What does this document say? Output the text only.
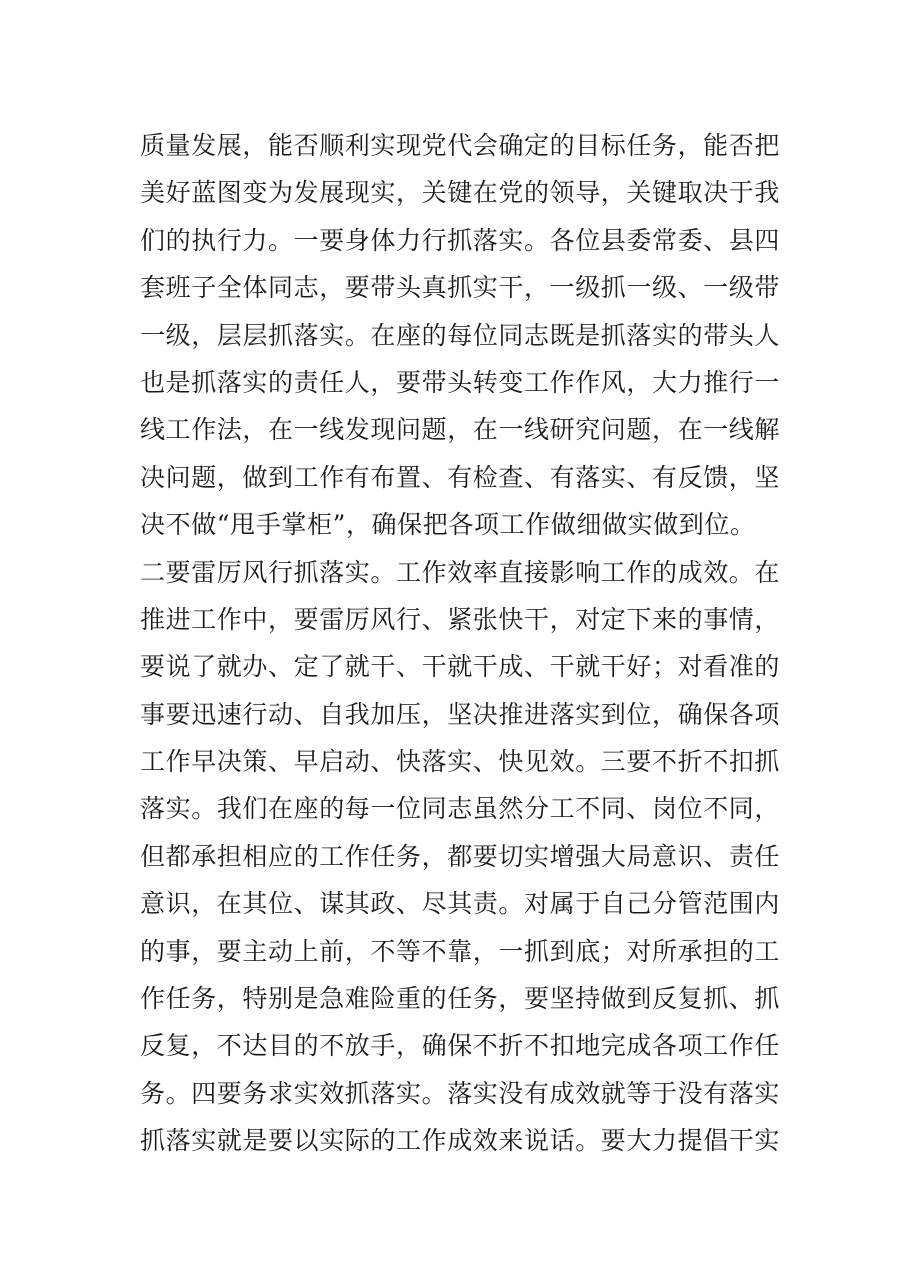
质量发展，能否顺利实现党代会确定的目标任务，能否把
美好蓝图变为发展现实，关键在党的领导，关键取决于我
们的执行力。一要身体力行抓落实。各位县委常委、县四
套班子全体同志，要带头真抓实干，一级抓一级、一级带
一级，层层抓落实。在座的每位同志既是抓落实的带头人
也是抓落实的责任人，要带头转变工作作风，大力推行一
线工作法，在一线发现问题，在一线研究问题，在一线解
决问题，做到工作有布置、有检查、有落实、有反馈，坚
决不做“甩手掌柜”，确保把各项工作做细做实做到位。
二要雷厉风行抓落实。工作效率直接影响工作的成效。在
推进工作中，要雷厉风行、紧张快干，对定下来的事情，
要说了就办、定了就干、干就干成、干就干好；对看准的
事要迅速行动、自我加压，坚决推进落实到位，确保各项
工作早决策、早启动、快落实、快见效。三要不折不扣抓
落实。我们在座的每一位同志虽然分工不同、岗位不同，
但都承担相应的工作任务，都要切实增强大局意识、责任
意识，在其位、谋其政、尽其责。对属于自己分管范围内
的事，要主动上前，不等不靠，一抓到底；对所承担的工
作任务，特别是急难险重的任务，要坚持做到反复抓、抓
反复，不达目的不放手，确保不折不扣地完成各项工作任
务。四要务求实效抓落实。落实没有成效就等于没有落实
抓落实就是要以实际的工作成效来说话。要大力提倡干实
